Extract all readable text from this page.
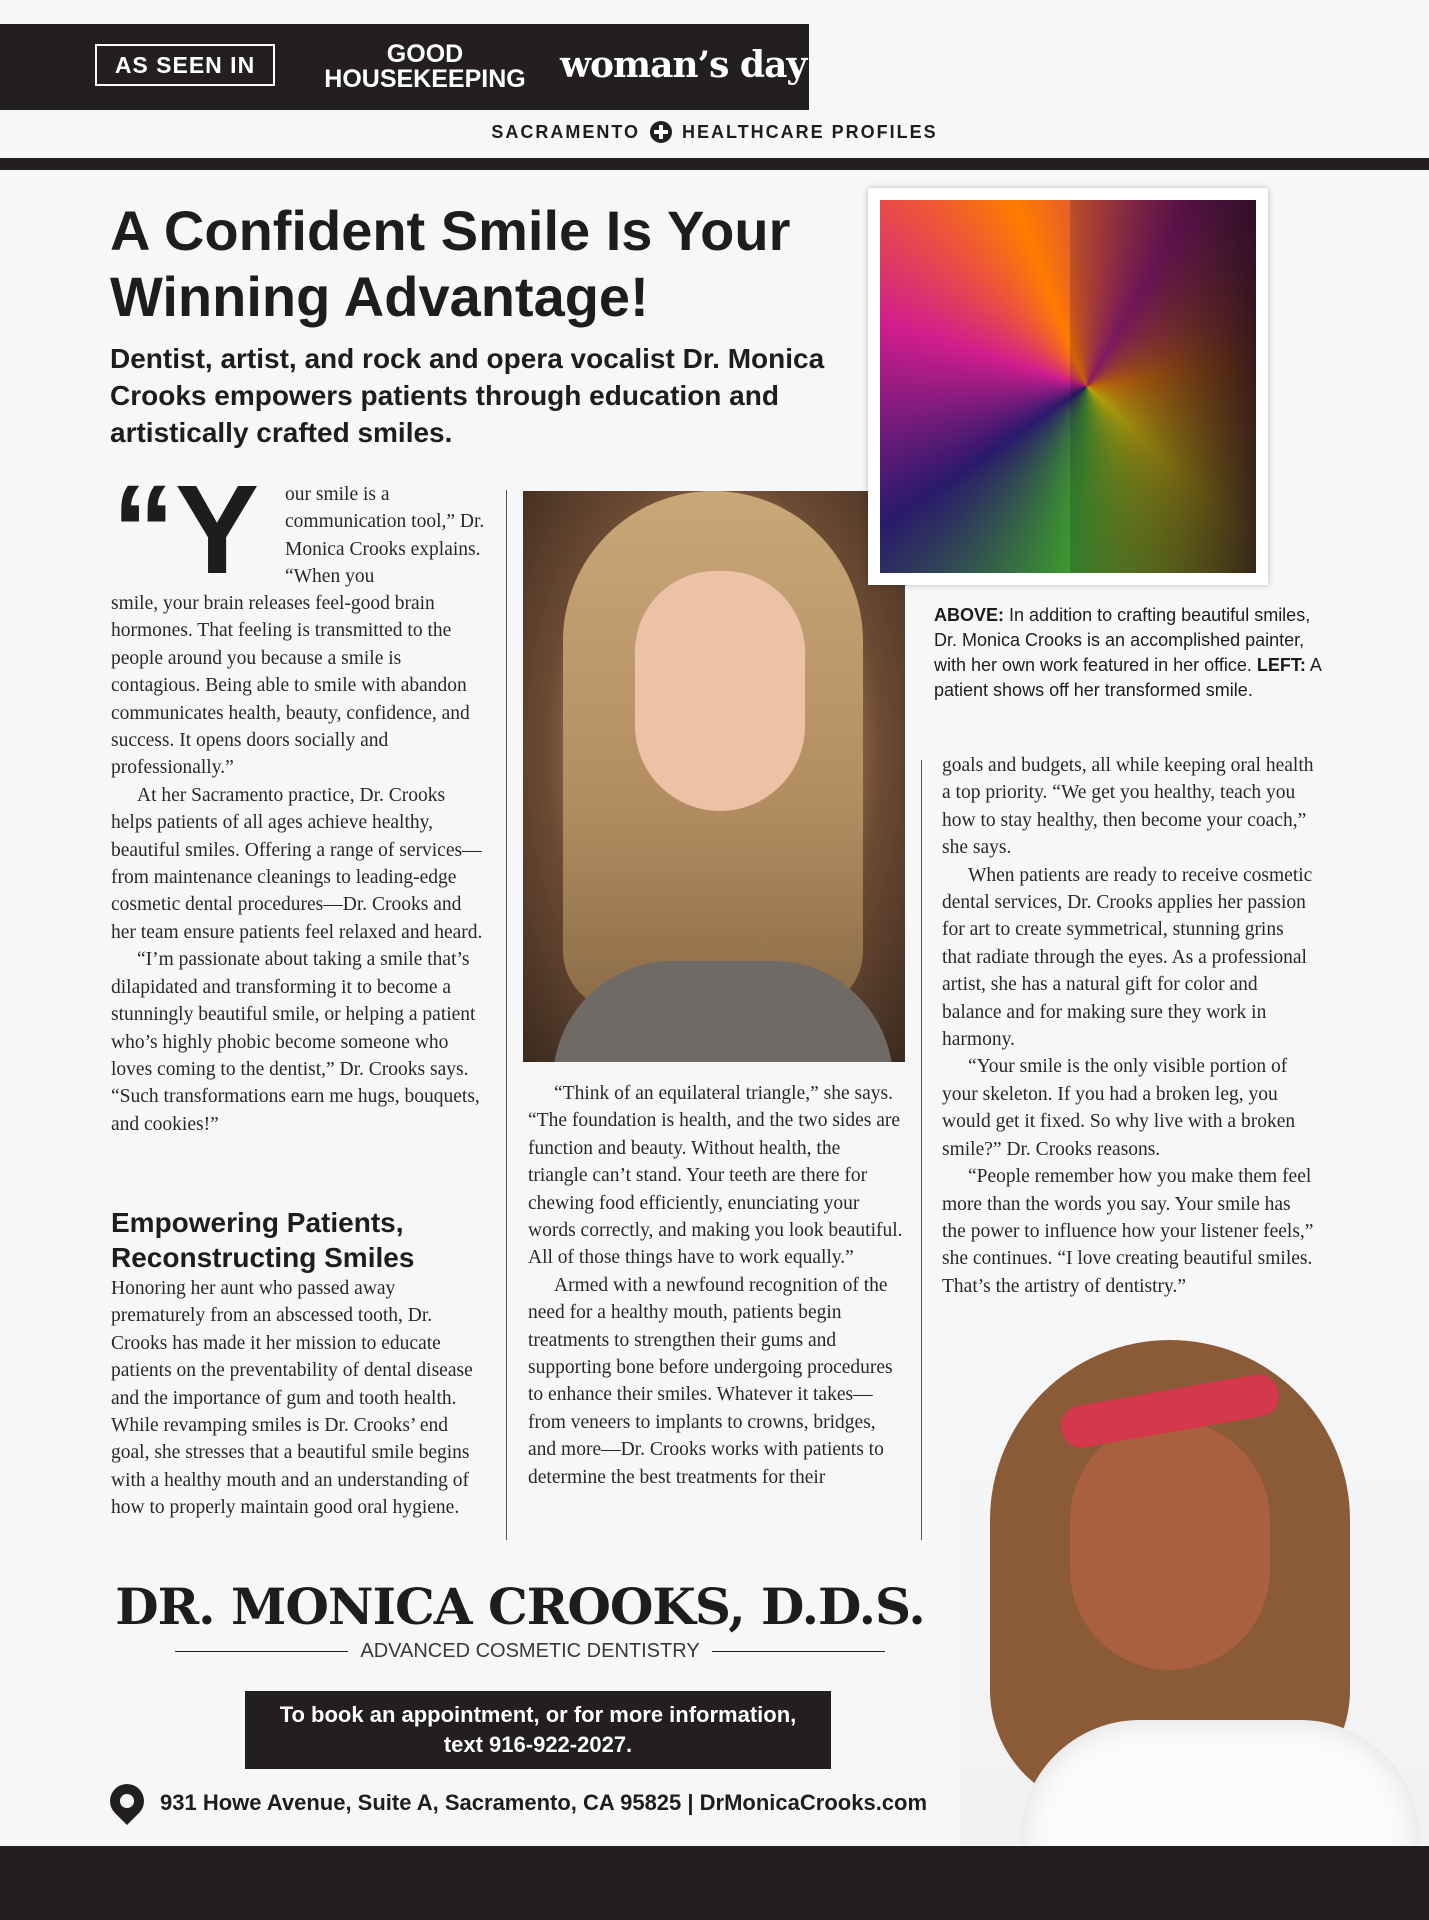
AS SEEN IN	GOOD
HOUSEKEEPING woman’s day
SACRAMENTO HEALTHCARE PROFILES
A Confident Smile Is Your Winning Advantage!
Dentist, artist, and rock and opera vocalist Dr. Monica Crooks empowers patients through education and artistically crafted smiles.
“Y our smile is a communication tool,” Dr. Monica Crooks explains. “When you

smile, your brain releases feel-good brain hormones. That feeling is transmitted to the people around you because a smile is contagious. Being able to smile with abandon communicates health, beauty, confidence, and success. It opens doors socially and professionally.”

At her Sacramento practice, Dr. Crooks helps patients of all ages achieve healthy, beautiful smiles. Offering a range of services—from maintenance cleanings to leading-edge cosmetic dental procedures—Dr. Crooks and her team ensure patients feel relaxed and heard.

“I’m passionate about taking a smile that’s dilapidated and transforming it to become a stunningly beautiful smile, or helping a patient who’s highly phobic become someone who loves coming to the dentist,” Dr. Crooks says. “Such transformations earn me hugs, bouquets, and cookies!”

Empowering Patients, Reconstructing Smiles

Honoring her aunt who passed away prematurely from an abscessed tooth, Dr. Crooks has made it her mission to educate patients on the preventability of dental disease and the importance of gum and tooth health. While revamping smiles is Dr. Crooks’ end goal, she stresses that a beautiful smile begins with a healthy mouth and an understanding of how to properly maintain good oral hygiene.

“Think of an equilateral triangle,” she says. “The foundation is health, and the two sides are function and beauty. Without health, the triangle can’t stand. Your teeth are there for chewing food efficiently, enunciating your words correctly, and making you look beautiful. All of those things have to work equally.”

Armed with a newfound recognition of the need for a healthy mouth, patients begin treatments to strengthen their gums and supporting bone before undergoing procedures to enhance their smiles. Whatever it takes—from veneers to implants to crowns, bridges, and more—Dr. Crooks works with patients to determine the best treatments for their

ABOVE: In addition to crafting beautiful smiles, Dr. Monica Crooks is an accomplished painter, with her own work featured in her office. LEFT: A patient shows off her transformed smile.

goals and budgets, all while keeping oral health a top priority. “We get you healthy, teach you how to stay healthy, then become your coach,” she says.

When patients are ready to receive cosmetic dental services, Dr. Crooks applies her passion for art to create symmetrical, stunning grins that radiate through the eyes. As a professional artist, she has a natural gift for color and balance and for making sure they work in harmony.

“Your smile is the only visible portion of your skeleton. If you had a broken leg, you would get it fixed. So why live with a broken smile?” Dr. Crooks reasons.

“People remember how you make them feel more than the words you say. Your smile has the power to influence how your listener feels,” she continues. “I love creating beautiful smiles. That’s the artistry of dentistry.”

DR. MONICA CROOKS, D.D.S.
ADVANCED COSMETIC DENTISTRY
To book an appointment, or for more information,
text 916-922-2027.
931 Howe Avenue, Suite A, Sacramento, CA 95825 | DrMonicaCrooks.com
